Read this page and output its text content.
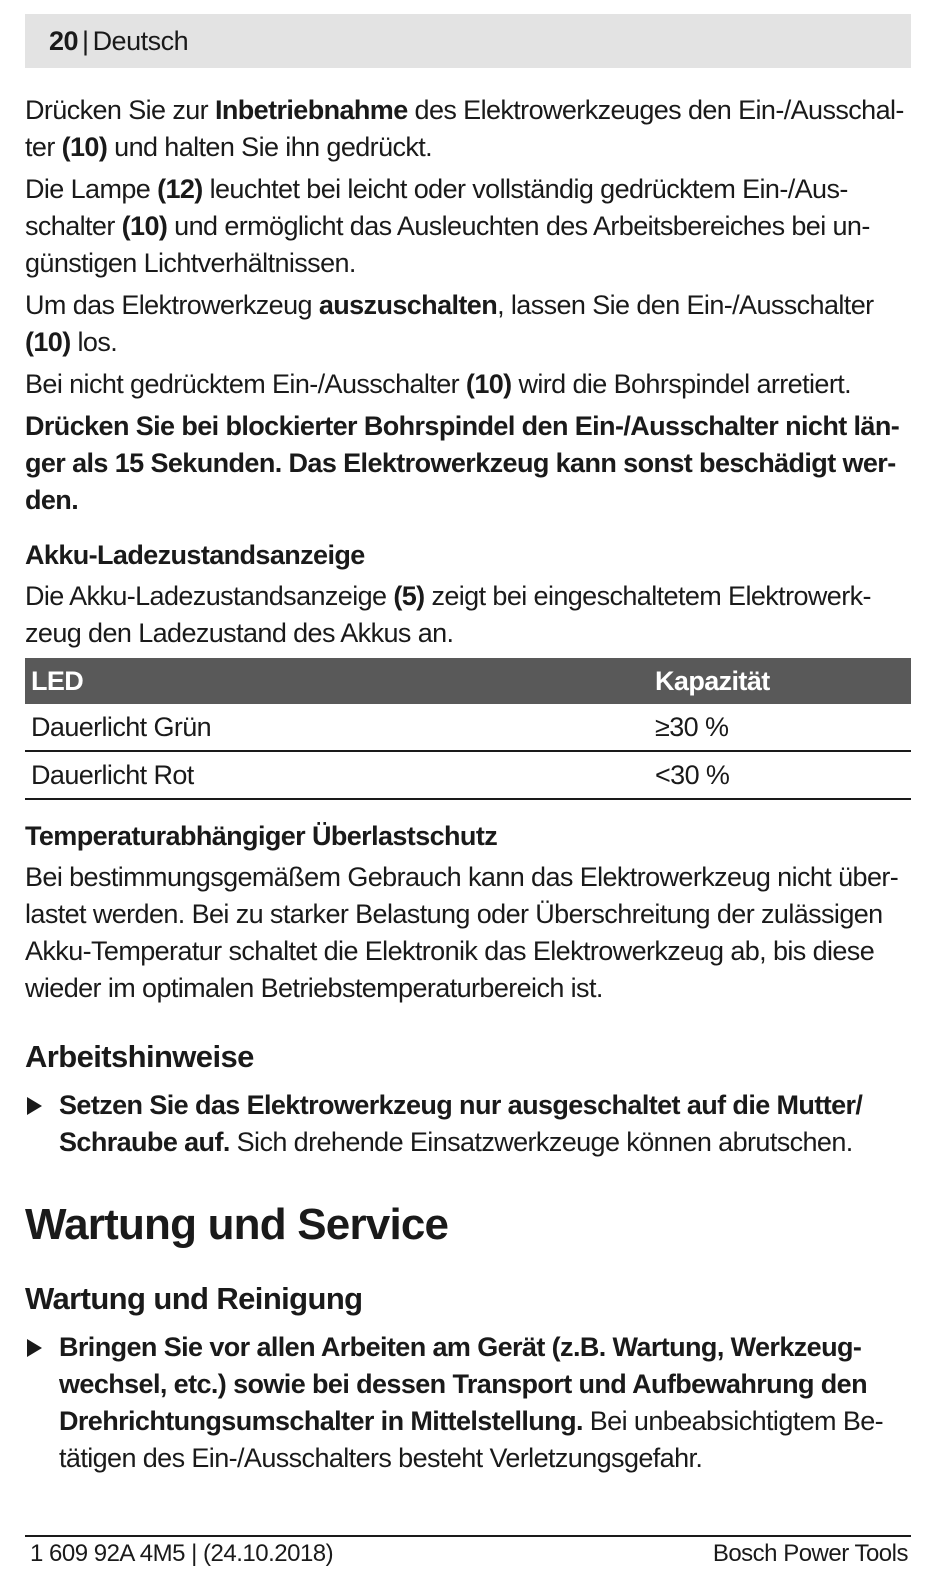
20 | Deutsch

Drücken Sie zur Inbetriebnahme des Elektrowerkzeuges den Ein-/Ausschalter (10) und halten Sie ihn gedrückt.

Die Lampe (12) leuchtet bei leicht oder vollständig gedrücktem Ein-/Ausschalter (10) und ermöglicht das Ausleuchten des Arbeitsbereiches bei ungünstigen Lichtverhältnissen.

Um das Elektrowerkzeug auszuschalten, lassen Sie den Ein-/Ausschalter (10) los.

Bei nicht gedrücktem Ein-/Ausschalter (10) wird die Bohrspindel arretiert.

Drücken Sie bei blockierter Bohrspindel den Ein-/Ausschalter nicht länger als 15 Sekunden. Das Elektrowerkzeug kann sonst beschädigt werden.

Akku-Ladezustandsanzeige

Die Akku-Ladezustandsanzeige (5) zeigt bei eingeschaltetem Elektrowerkzeug den Ladezustand des Akkus an.

LED	Kapazität
Dauerlicht Grün	≥30 %
Dauerlicht Rot	<30 %
Temperaturabhängiger Überlastschutz

Bei bestimmungsgemäßem Gebrauch kann das Elektrowerkzeug nicht überlastet werden. Bei zu starker Belastung oder Überschreitung der zulässigen Akku-Temperatur schaltet die Elektronik das Elektrowerkzeug ab, bis diese wieder im optimalen Betriebstemperaturbereich ist.

Arbeitshinweise
Setzen Sie das Elektrowerkzeug nur ausgeschaltet auf die Mutter/ Schraube auf. Sich drehende Einsatzwerkzeuge können abrutschen.
Wartung und Service
Wartung und Reinigung
Bringen Sie vor allen Arbeiten am Gerät (z.B. Wartung, Werkzeugwechsel, etc.) sowie bei dessen Transport und Aufbewahrung den Drehrichtungsumschalter in Mittelstellung. Bei unbeabsichtigtem Betätigen des Ein-/Ausschalters besteht Verletzungsgefahr.
1 609 92A 4M5 | (24.10.2018)	Bosch Power Tools
